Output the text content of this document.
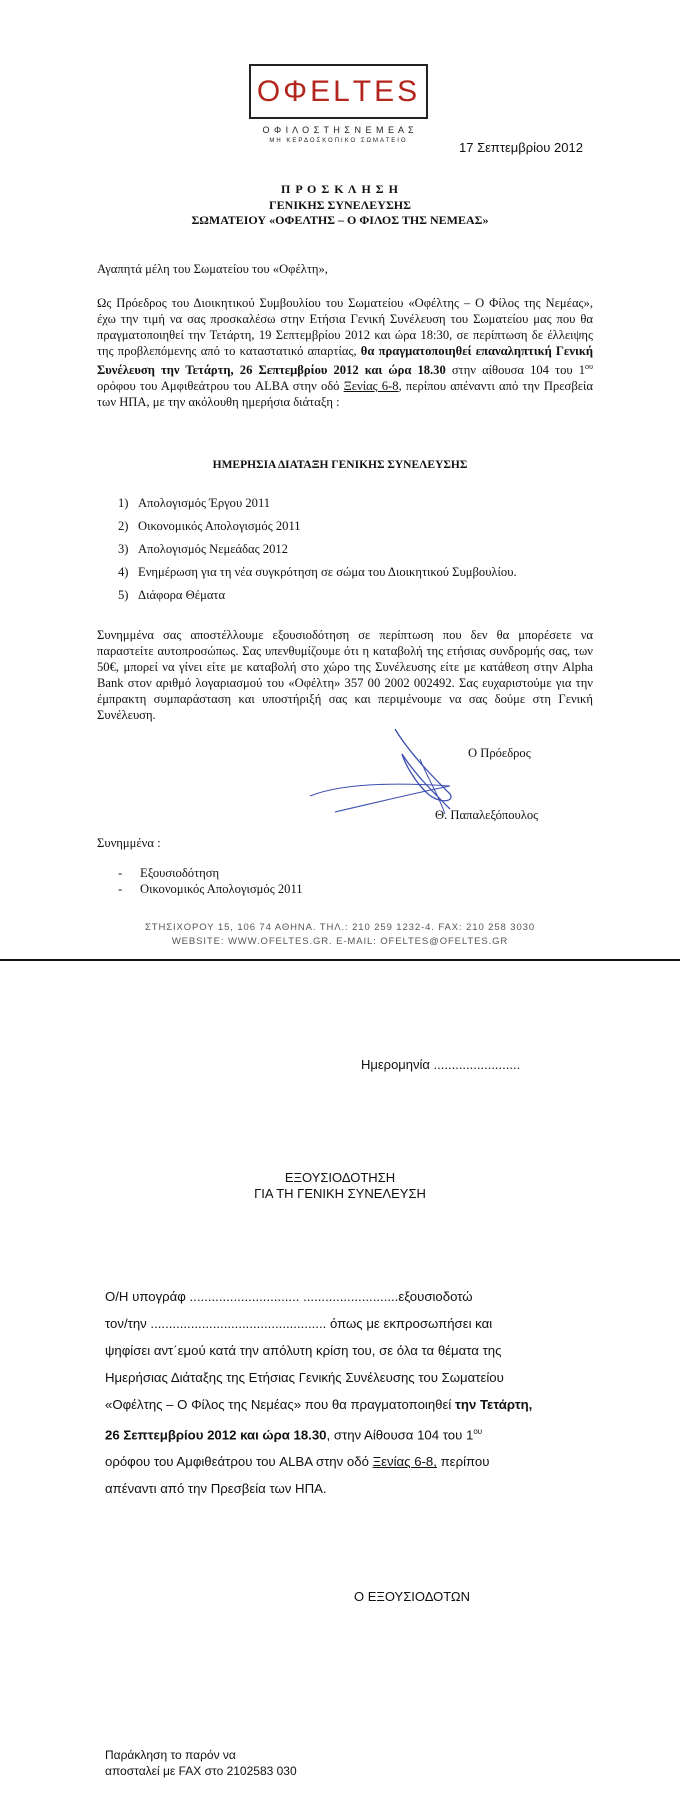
ΟΦΕLΤΕS
Ο Φ Ι Λ Ο Σ Τ Η Σ Ν Ε Μ Ε Α Σ
ΜΗ ΚΕΡΔΟΣΚΟΠΙΚΟ ΣΩΜΑΤΕΙΟ	17 Σεπτεμβρίου 2012
Π Ρ Ο Σ Κ Λ Η Σ Η
ΓΕΝΙΚΗΣ ΣΥΝΕΛΕΥΣΗΣ
ΣΩΜΑΤΕΙΟΥ «ΟΦΕΛΤΗΣ – Ο ΦΙΛΟΣ ΤΗΣ ΝΕΜΕΑΣ»
Αγαπητά μέλη του Σωματείου του «Οφέλτη»,
Ως Πρόεδρος του Διοικητικού Συμβουλίου του Σωματείου «Οφέλτης – Ο Φίλος της Νεμέας», έχω την τιμή να σας προσκαλέσω στην Ετήσια Γενική Συνέλευση του Σωματείου μας που θα πραγματοποιηθεί την Τετάρτη, 19 Σεπτεμβρίου 2012 και ώρα 18:30, σε περίπτωση δε έλλειψης της προβλεπόμενης από το καταστατικό απαρτίας, θα πραγματοποιηθεί επαναληπτική Γενική Συνέλευση την Τετάρτη, 26 Σεπτεμβρίου 2012 και ώρα 18.30 στην αίθουσα 104 του $1^{o\upsilon}$ ορόφου του Αμφιθεάτρου του ALBA στην οδό Ξενίας 6-8, περίπου απέναντι από την Πρεσβεία των ΗΠΑ, με την ακόλουθη ημερήσια διάταξη :
ΗΜΕΡΗΣΙΑ ΔΙΑΤΑΞΗ ΓΕΝΙΚΗΣ ΣΥΝΕΛΕΥΣΗΣ
1) Απολογισμός Έργου 2011
2) Οικονομικός Απολογισμός 2011
3) Απολογισμός Νεμεάδας 2012
4) Ενημέρωση για τη νέα συγκρότηση σε σώμα του Διοικητικού Συμβουλίου.
5) Διάφορα Θέματα
Συνημμένα σας αποστέλλουμε εξουσιοδότηση σε περίπτωση που δεν θα μπορέσετε να παραστείτε αυτοπροσώπως. Σας υπενθυμίζουμε ότι η καταβολή της ετήσιας συνδρομής σας, των 50€, μπορεί να γίνει είτε με καταβολή στο χώρο της Συνέλευσης είτε με κατάθεση στην Alpha Bank στον αριθμό λογαριασμού του «Οφέλτη» 357 00 2002 002492. Σας ευχαριστούμε για την έμπρακτη συμπαράσταση και υποστήριξή σας και περιμένουμε να σας δούμε στη Γενική Συνέλευση.
Ο Πρόεδρος
Θ. Παπαλεξόπουλος
Συνημμένα :
- Εξουσιοδότηση
- Οικονομικός Απολογισμός 2011
ΣΤΗΣΙΧΟΡΟΥ 15, 106 74 ΑΘΗΝΑ. ΤΗΛ.: 210 259 1232-4. FAX: 210 258 3030
WEBSITE: WWW.OFELTES.GR. E-MAIL: OFELTES@OFELTES.GR
Ημερομηνία ........................
ΕΞΟΥΣΙΟΔΟΤΗΣΗ
ΓΙΑ ΤΗ ΓΕΝΙΚΗ ΣΥΝΕΛΕΥΣΗ
Ο/Η υπογράφ .............................. ..........................εξουσιοδοτώ
τον/την ................................................ όπως με εκπροσωπήσει και
ψηφίσει αντ΄εμού κατά την απόλυτη κρίση του, σε όλα τα θέματα της
Ημερήσιας Διάταξης της Ετήσιας Γενικής Συνέλευσης του Σωματείου
«Οφέλτης – Ο Φίλος της Νεμέας» που θα πραγματοποιηθεί την Τετάρτη,
26 Σεπτεμβρίου 2012 και ώρα 18.30, στην Αίθουσα 104 του $1^{o\upsilon}$
ορόφου του Αμφιθεάτρου του ALBA στην οδό Ξενίας 6-8, περίπου
απέναντι από την Πρεσβεία των ΗΠΑ.
Ο ΕΞΟΥΣΙΟΔΟΤΩΝ
Παράκληση το παρόν να
αποσταλεί με FAX στο 2102583 030
